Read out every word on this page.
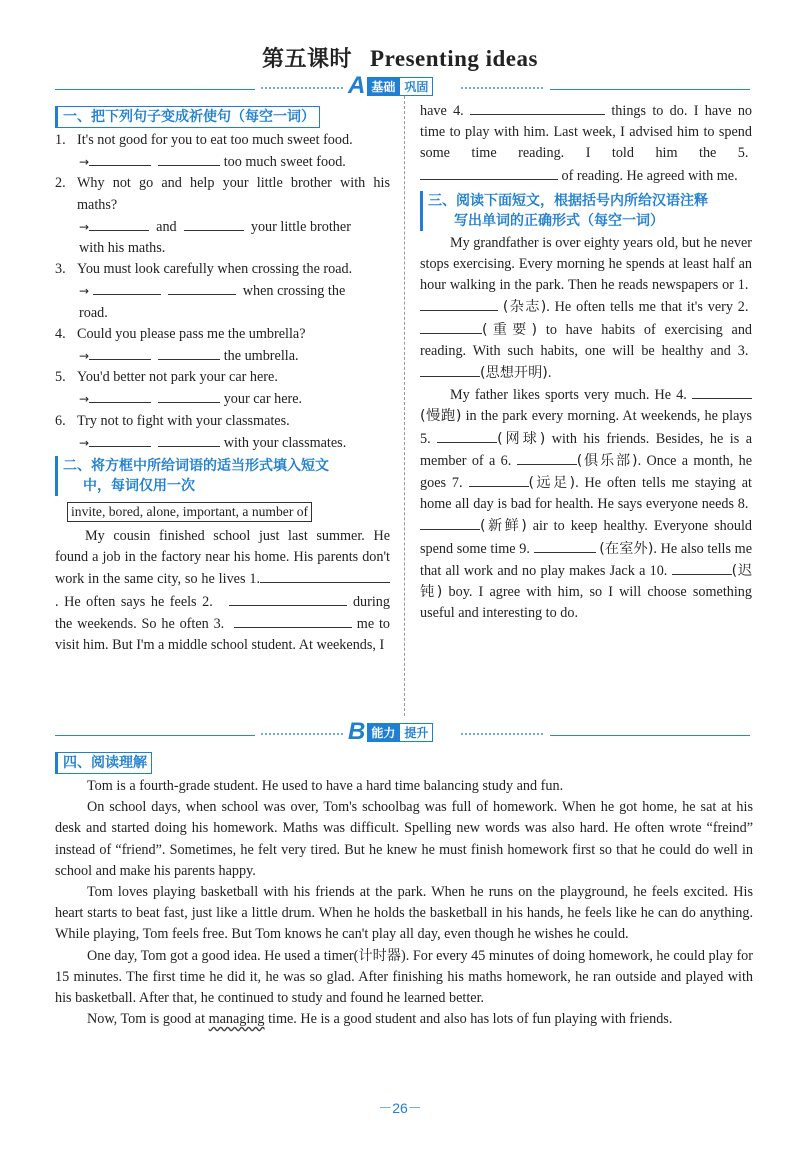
第五课时 Presenting ideas
A 基础 巩固
一、把下列句子变成祈使句（每空一词）
1. It's not good for you to eat too much sweet food.
→	too much sweet food.
2. Why not go and help your little brother with his maths?
→	and	your little brother
with his maths.
3. You must look carefully when crossing the road.
→	when crossing the
road.
4. Could you please pass me the umbrella?
→	the umbrella.
5. You'd better not park your car here.
→	your car here.
6. Try not to fight with your classmates.
→	with your classmates.
二、将方框中所给词语的适当形式填入短文
中，每词仅用一次
invite, bored, alone, important, a number of

My cousin finished school just last summer. He found a job in the factory near his home. His parents don't work in the same city, so he lives 1.. He often says he feels 2.	during the weekends. So he often 3.	me to visit him. But I'm a middle school student. At weekends, I

have 4.	things to do. I have no time to play with him. Last week, I advised him to spend some time reading. I told him the 5.  of reading. He agreed with me.

三、阅读下面短文，根据括号内所给汉语注释
写出单词的正确形式（每空一词）

My grandfather is over eighty years old, but he never stops exercising. Every morning he spends at least half an hour walking in the park. Then he reads newspapers or 1.  (杂志). He often tells me that it's very 2. (重要) to have habits of exercising and reading. With such habits, one will be healthy and 3. (思想开明).

My father likes sports very much. He 4. (慢跑) in the park every morning. At weekends, he plays 5.	(网球) with his friends. Besides, he is a member of a 6.	(俱乐部). Once a month, he goes 7.	(远足). He often tells me staying at home all day is bad for health. He says everyone needs 8. (新鲜) air to keep healthy. Everyone should spend some time 9.	(在室外). He also tells me that all work and no play makes Jack a 10.	(迟钝) boy. I agree with him, so I will choose something useful and interesting to do.

B 能力 提升
四、阅读理解

Tom is a fourth-grade student. He used to have a hard time balancing study and fun.

On school days, when school was over, Tom's schoolbag was full of homework. When he got home, he sat at his desk and started doing his homework. Maths was difficult. Spelling new words was also hard. He often wrote “freind” instead of “friend”. Sometimes, he felt very tired. But he knew he must finish homework first so that he could do well in school and make his parents happy.

Tom loves playing basketball with his friends at the park. When he runs on the playground, he feels excited. His heart starts to beat fast, just like a little drum. When he holds the basketball in his hands, he feels like he can do anything. While playing, Tom feels free. But Tom knows he can't play all day, even though he wishes he could.

One day, Tom got a good idea. He used a timer(计时器). For every 45 minutes of doing homework, he could play for 15 minutes. The first time he did it, he was so glad. After finishing his maths homework, he ran outside and played with his basketball. After that, he continued to study and found he learned better.

Now, Tom is good at managing time. He is a good student and also has lots of fun playing with friends.

－26－
